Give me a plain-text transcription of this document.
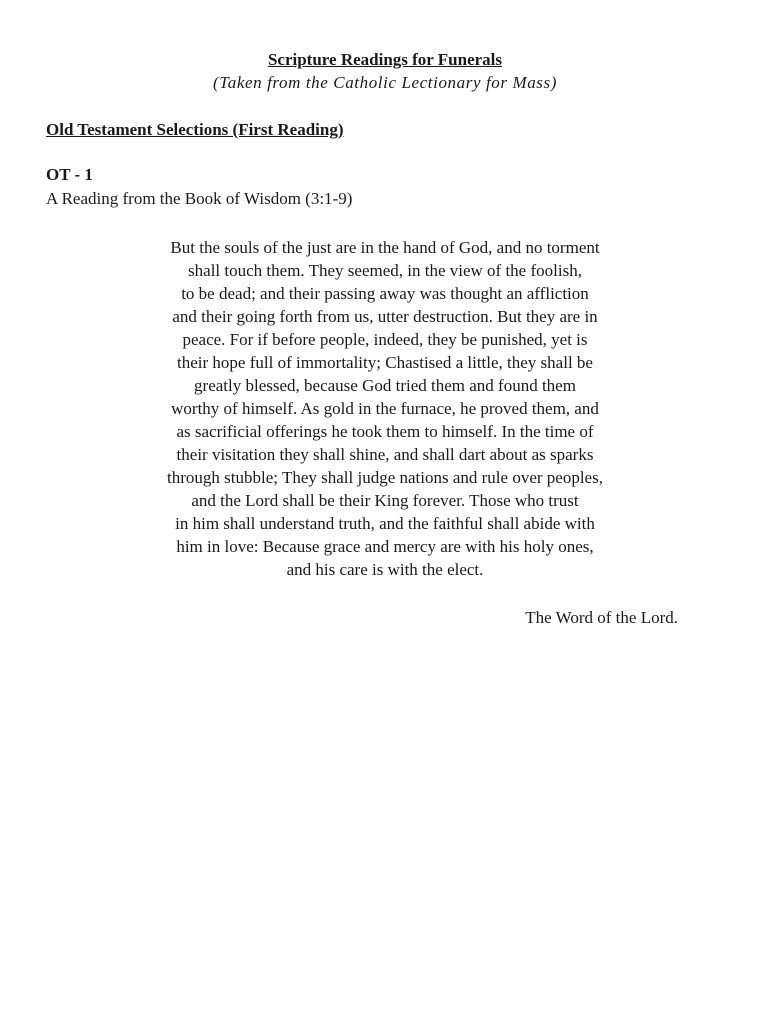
Scripture Readings for Funerals

(Taken from the Catholic Lectionary for Mass)

Old Testament Selections (First Reading)

OT - 1

A Reading from the Book of Wisdom (3:1-9)

But the souls of the just are in the hand of God, and no torment
shall touch them. They seemed, in the view of the foolish,
to be dead; and their passing away was thought an affliction
and their going forth from us, utter destruction. But they are in
peace. For if before people, indeed, they be punished, yet is
their hope full of immortality; Chastised a little, they shall be
greatly blessed, because God tried them and found them
worthy of himself. As gold in the furnace, he proved them, and
as sacrificial offerings he took them to himself. In the time of
their visitation they shall shine, and shall dart about as sparks
through stubble; They shall judge nations and rule over peoples,
and the Lord shall be their King forever. Those who trust
in him shall understand truth, and the faithful shall abide with
him in love: Because grace and mercy are with his holy ones,
and his care is with the elect.

The Word of the Lord.
